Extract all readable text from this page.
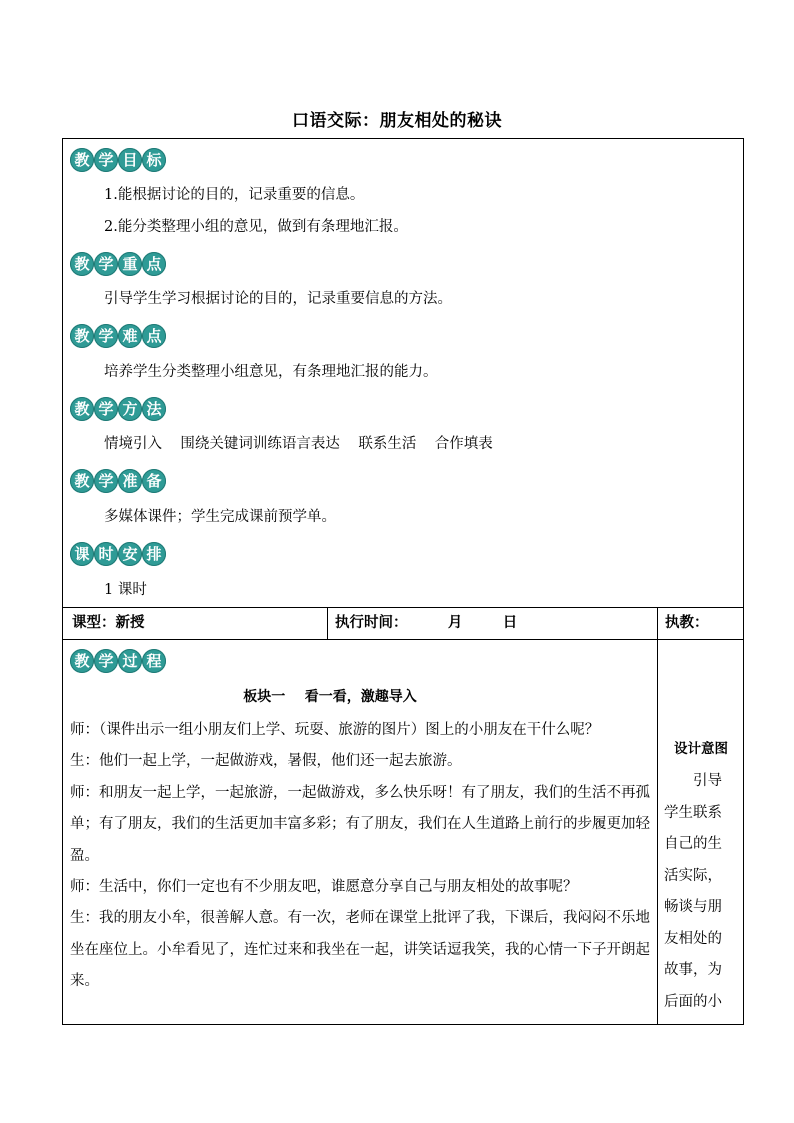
口语交际：朋友相处的秘诀
教 学 目 标
1.能根据讨论的目的，记录重要的信息。
2.能分类整理小组的意见，做到有条理地汇报。
教 学 重 点
引导学生学习根据讨论的目的，记录重要信息的方法。
教 学 难 点
培养学生分类整理小组意见，有条理地汇报的能力。
教 学 方 法
情境引入    围绕关键词训练语言表达    联系生活    合作填表
教 学 准 备
多媒体课件；学生完成课前预学单。
课 时 安 排
1 课时
课型：新授	执行时间：        月        日	执教：
教 学 过 程
板块一    看一看，激趣导入

师：（课件出示一组小朋友们上学、玩耍、旅游的图片）图上的小朋友在干什么呢？

生：他们一起上学，一起做游戏，暑假，他们还一起去旅游。

师：和朋友一起上学，一起旅游，一起做游戏，多么快乐呀！有了朋友，我们的生活不再孤单；有了朋友，我们的生活更加丰富多彩；有了朋友，我们在人生道路上前行的步履更加轻盈。

师：生活中，你们一定也有不少朋友吧，谁愿意分享自己与朋友相处的故事呢？

生：我的朋友小牟，很善解人意。有一次，老师在课堂上批评了我，下课后，我闷闷不乐地坐在座位上。小牟看见了，连忙过来和我坐在一起，讲笑话逗我笑，我的心情一下子开朗起来。

设计意图
引导学生联系自己的生活实际，畅谈与朋友相处的故事，为后面的小
